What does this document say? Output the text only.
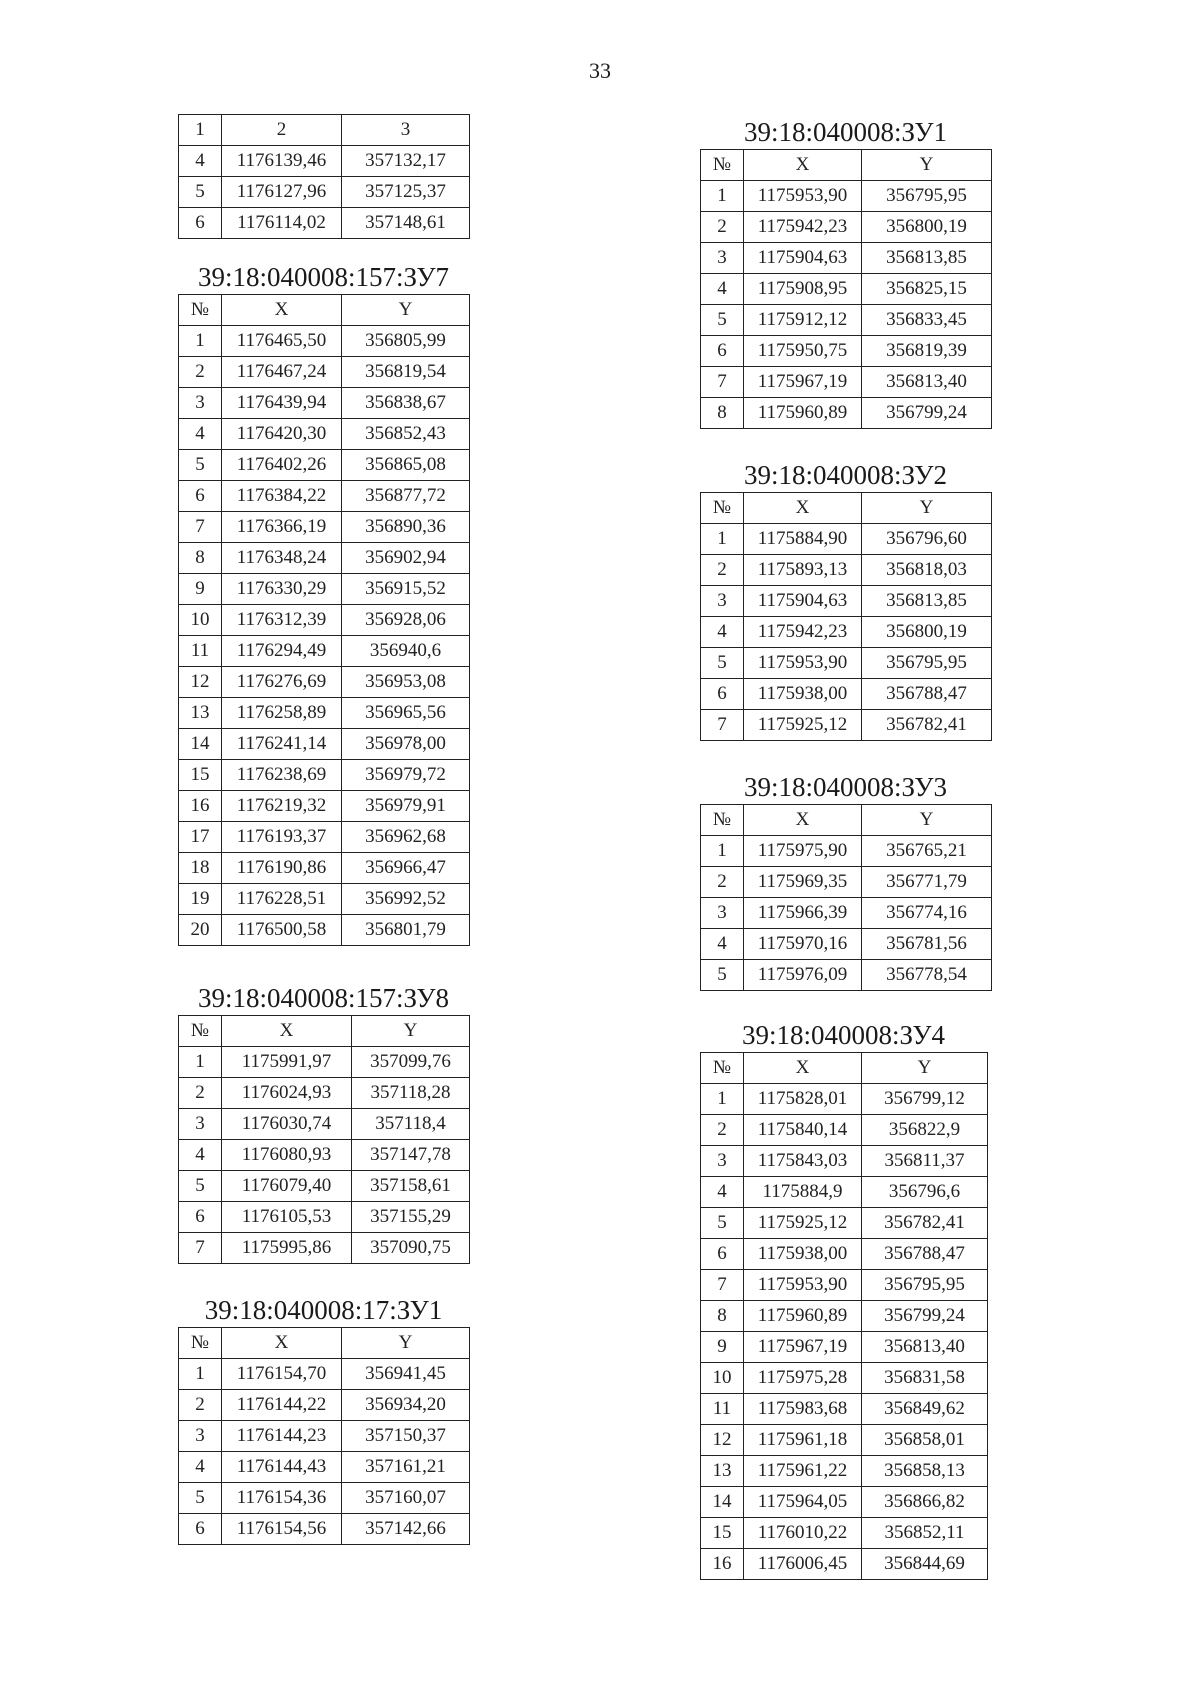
33
1	2	3
4	1176139,46	357132,17
5	1176127,96	357125,37
6	1176114,02	357148,61
39:18:040008:157:ЗУ7
№	X	Y
1	1176465,50	356805,99
2	1176467,24	356819,54
3	1176439,94	356838,67
4	1176420,30	356852,43
5	1176402,26	356865,08
6	1176384,22	356877,72
7	1176366,19	356890,36
8	1176348,24	356902,94
9	1176330,29	356915,52
10	1176312,39	356928,06
11	1176294,49	356940,6
12	1176276,69	356953,08
13	1176258,89	356965,56
14	1176241,14	356978,00
15	1176238,69	356979,72
16	1176219,32	356979,91
17	1176193,37	356962,68
18	1176190,86	356966,47
19	1176228,51	356992,52
20	1176500,58	356801,79
39:18:040008:157:ЗУ8
№	X	Y
1	1175991,97	357099,76
2	1176024,93	357118,28
3	1176030,74	357118,4
4	1176080,93	357147,78
5	1176079,40	357158,61
6	1176105,53	357155,29
7	1175995,86	357090,75
39:18:040008:17:ЗУ1
№	X	Y
1	1176154,70	356941,45
2	1176144,22	356934,20
3	1176144,23	357150,37
4	1176144,43	357161,21
5	1176154,36	357160,07
6	1176154,56	357142,66
39:18:040008:ЗУ1
№	X	Y
1	1175953,90	356795,95
2	1175942,23	356800,19
3	1175904,63	356813,85
4	1175908,95	356825,15
5	1175912,12	356833,45
6	1175950,75	356819,39
7	1175967,19	356813,40
8	1175960,89	356799,24
39:18:040008:ЗУ2
№	X	Y
1	1175884,90	356796,60
2	1175893,13	356818,03
3	1175904,63	356813,85
4	1175942,23	356800,19
5	1175953,90	356795,95
6	1175938,00	356788,47
7	1175925,12	356782,41
39:18:040008:ЗУ3
№	X	Y
1	1175975,90	356765,21
2	1175969,35	356771,79
3	1175966,39	356774,16
4	1175970,16	356781,56
5	1175976,09	356778,54
39:18:040008:ЗУ4
№	X	Y
1	1175828,01	356799,12
2	1175840,14	356822,9
3	1175843,03	356811,37
4	1175884,9	356796,6
5	1175925,12	356782,41
6	1175938,00	356788,47
7	1175953,90	356795,95
8	1175960,89	356799,24
9	1175967,19	356813,40
10	1175975,28	356831,58
11	1175983,68	356849,62
12	1175961,18	356858,01
13	1175961,22	356858,13
14	1175964,05	356866,82
15	1176010,22	356852,11
16	1176006,45	356844,69
